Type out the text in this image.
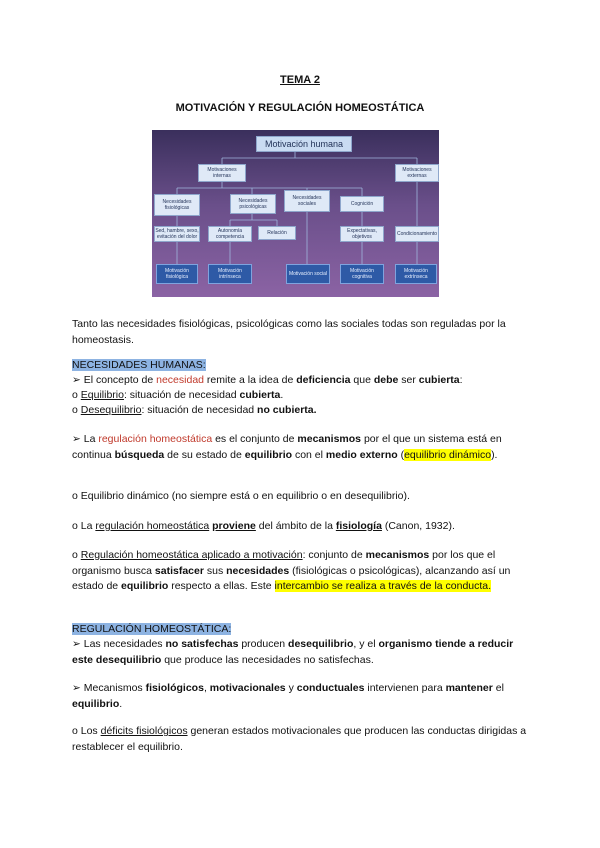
TEMA 2
MOTIVACIÓN Y REGULACIÓN HOMEOSTÁTICA
Motivación humana
Motivaciones internas
Motivaciones externas
Necesidades fisiológicas
Necesidades psicológicas
Necesidades sociales	Cognición
Sed, hambre, sexo, evitación del dolor
Autonomía competencia
Relación	Expectativas, objetivos	Condicionamiento
Motivación fisiológica
Motivación intrínseca	Motivación social	Motivación cognitiva
Motivación extrínseca
Tanto las necesidades fisiológicas, psicológicas como las sociales todas son reguladas por la homeostasis.
NECESIDADES HUMANAS:
➢ El concepto de necesidad remite a la idea de deficiencia que debe ser cubierta:
o Equilibrio: situación de necesidad cubierta.
o Desequilibrio: situación de necesidad no cubierta.
➢ La regulación homeostática es el conjunto de mecanismos por el que un sistema está en continua búsqueda de su estado de equilibrio con el medio externo (equilibrio dinámico).
o Equilibrio dinámico (no siempre está o en equilibrio o en desequilibrio).
o La regulación homeostática proviene del ámbito de la fisiología (Canon, 1932).
o Regulación homeostática aplicado a motivación: conjunto de mecanismos por los que el organismo busca satisfacer sus necesidades (fisiológicas o psicológicas), alcanzando así un estado de equilibrio respecto a ellas. Este intercambio se realiza a través de la conducta.
REGULACIÓN HOMEOSTÁTICA:
➢ Las necesidades no satisfechas producen desequilibrio, y el organismo tiende a reducir este desequilibrio que produce las necesidades no satisfechas.
➢ Mecanismos fisiológicos, motivacionales y conductuales intervienen para mantener el equilibrio.
o Los déficits fisiológicos generan estados motivacionales que producen las conductas dirigidas a restablecer el equilibrio.
